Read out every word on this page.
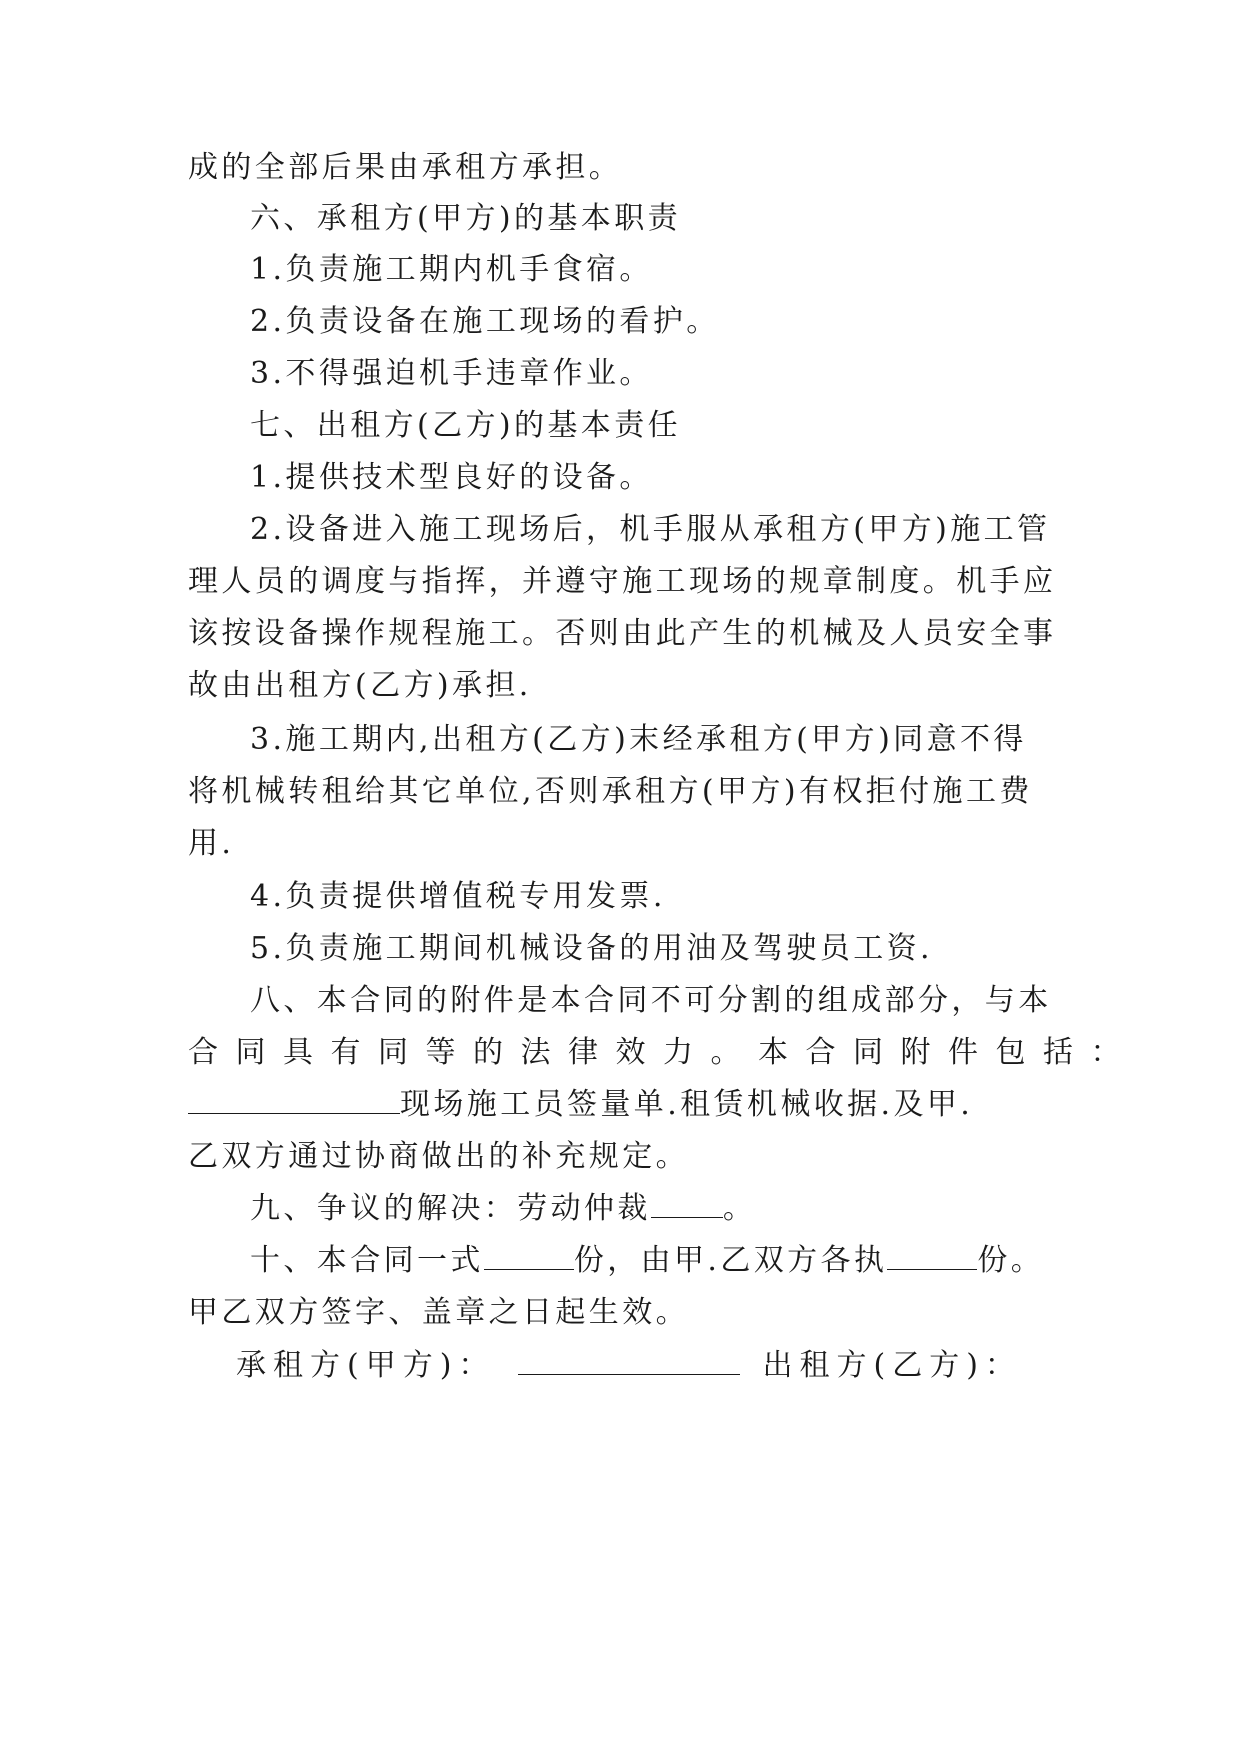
成的全部后果由承租方承担。
六、承租方(甲方)的基本职责
1.负责施工期内机手食宿。
2.负责设备在施工现场的看护。
3.不得强迫机手违章作业。
七、出租方(乙方)的基本责任
1.提供技术型良好的设备。
2.设备进入施工现场后，机手服从承租方(甲方)施工管
理人员的调度与指挥，并遵守施工现场的规章制度。机手应
该按设备操作规程施工。否则由此产生的机械及人员安全事
故由出租方(乙方)承担.
3.施工期内,出租方(乙方)末经承租方(甲方)同意不得
将机械转租给其它单位,否则承租方(甲方)有权拒付施工费
用.
4.负责提供增值税专用发票.
5.负责施工期间机械设备的用油及驾驶员工资.
八、本合同的附件是本合同不可分割的组成部分，与本
合同具有同等的法律效力。本合同附件包括：
现场施工员签量单.租赁机械收据.及甲.
乙双方通过协商做出的补充规定。
九、争议的解决：劳动仲裁 。
十、本合同一式	份，由甲.乙双方各执	份。
甲乙双方签字、盖章之日起生效。
承租方(甲方)：	出租方(乙方)：
